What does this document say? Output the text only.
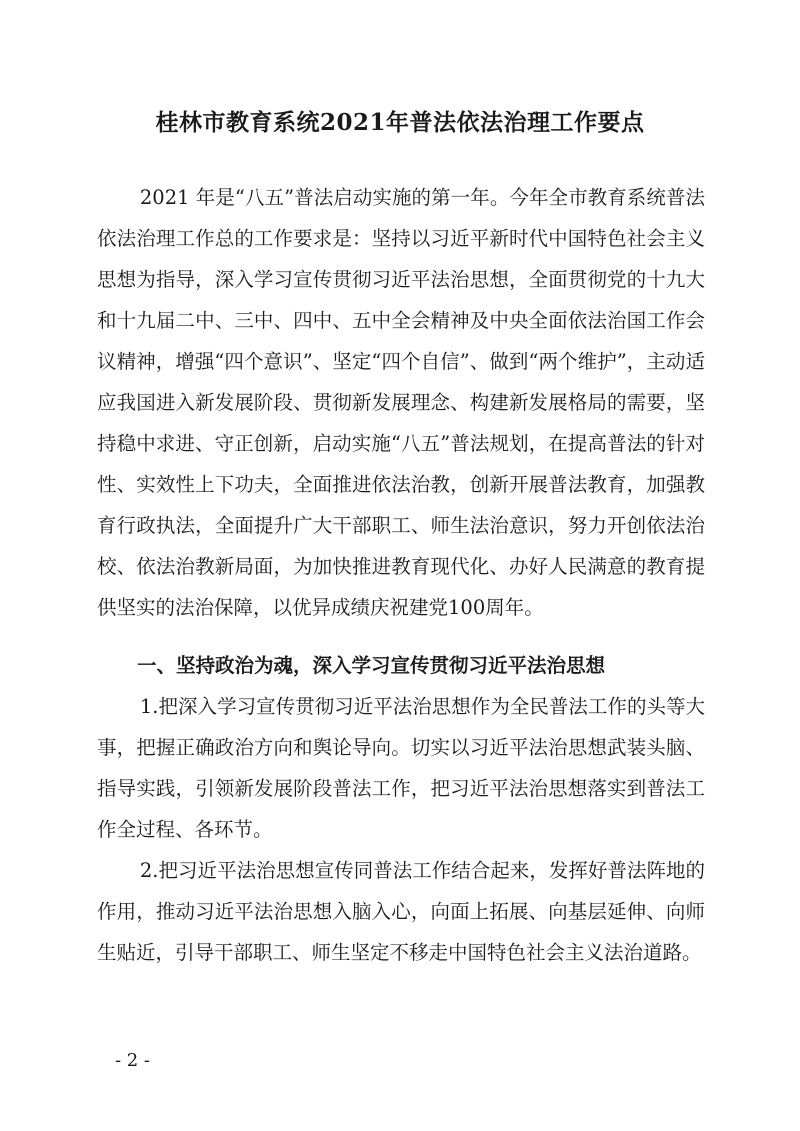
桂林市教育系统2021年普法依法治理工作要点

2021 年是“八五”普法启动实施的第一年。今年全市教育系统普法依法治理工作总的工作要求是：坚持以习近平新时代中国特色社会主义思想为指导，深入学习宣传贯彻习近平法治思想，全面贯彻党的十九大和十九届二中、三中、四中、五中全会精神及中央全面依法治国工作会议精神，增强“四个意识”、坚定“四个自信”、做到“两个维护”，主动适应我国进入新发展阶段、贯彻新发展理念、构建新发展格局的需要，坚持稳中求进、守正创新，启动实施“八五”普法规划，在提高普法的针对性、实效性上下功夫，全面推进依法治教，创新开展普法教育，加强教育行政执法，全面提升广大干部职工、师生法治意识，努力开创依法治校、依法治教新局面，为加快推进教育现代化、办好人民满意的教育提供坚实的法治保障，以优异成绩庆祝建党100周年。

一、坚持政治为魂，深入学习宣传贯彻习近平法治思想

1.把深入学习宣传贯彻习近平法治思想作为全民普法工作的头等大事，把握正确政治方向和舆论导向。切实以习近平法治思想武装头脑、指导实践，引领新发展阶段普法工作，把习近平法治思想落实到普法工作全过程、各环节。

2.把习近平法治思想宣传同普法工作结合起来，发挥好普法阵地的作用，推动习近平法治思想入脑入心，向面上拓展、向基层延伸、向师生贴近，引导干部职工、师生坚定不移走中国特色社会主义法治道路。

- 2 -
